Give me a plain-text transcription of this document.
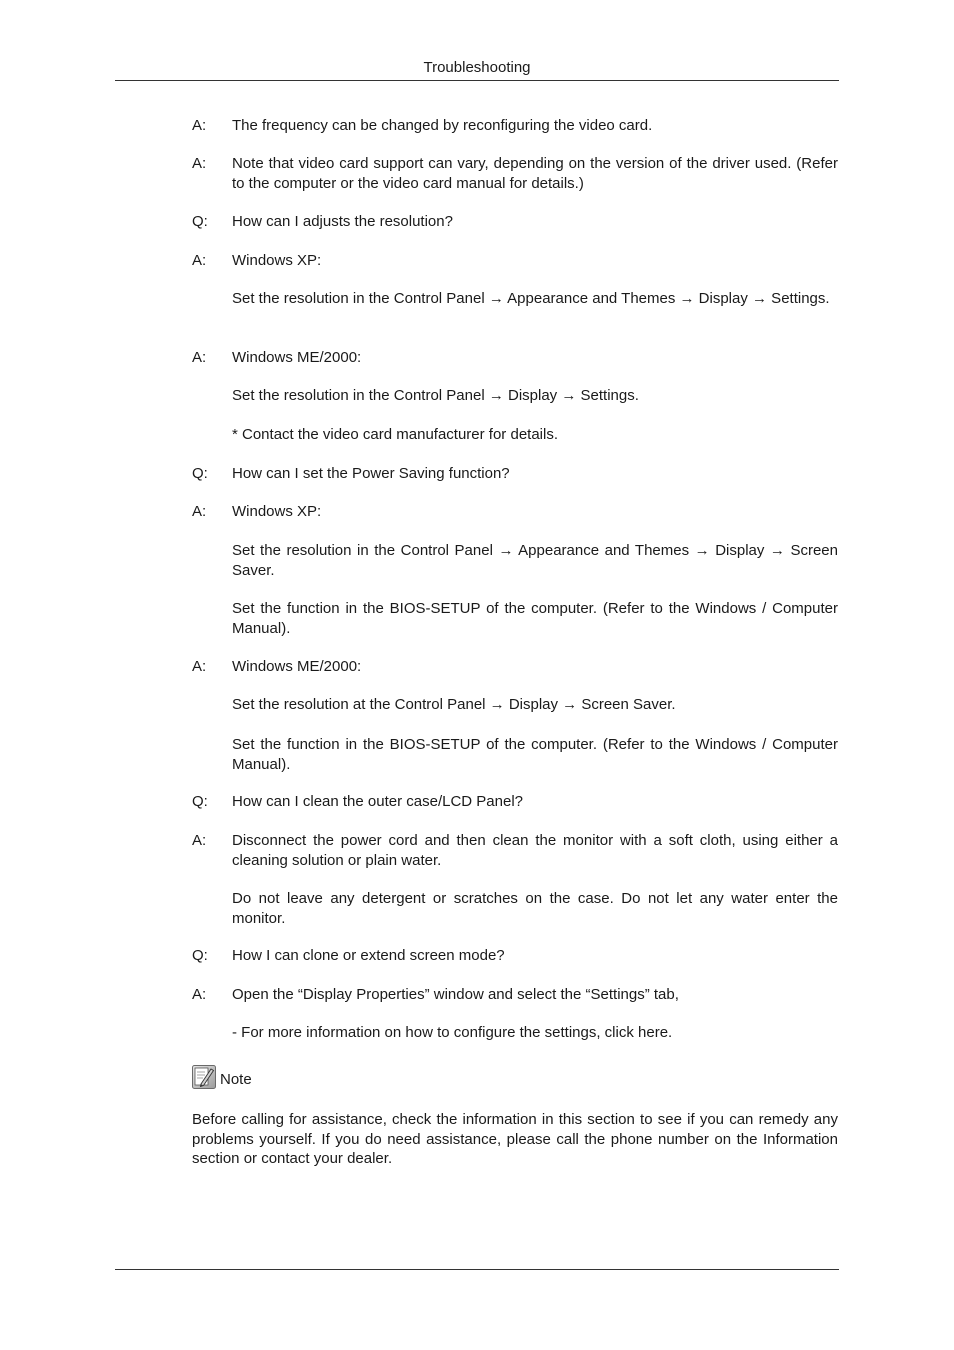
Troubleshooting
A:	The frequency can be changed by reconfiguring the video card.
A:	Note that video card support can vary, depending on the version of the driver used. (Refer to the computer or the video card manual for details.)
Q:	How can I adjusts the resolution?
A:	Windows XP:
Set the resolution in the Control Panel → Appearance and Themes → Display → Settings.
A:	Windows ME/2000:
Set the resolution in the Control Panel → Display → Settings.
* Contact the video card manufacturer for details.
Q:	How can I set the Power Saving function?
A:	Windows XP:
Set the resolution in the Control Panel → Appearance and Themes → Display → Screen Saver.
Set the function in the BIOS-SETUP of the computer. (Refer to the Windows / Computer Manual).
A:	Windows ME/2000:
Set the resolution at the Control Panel → Display → Screen Saver.
Set the function in the BIOS-SETUP of the computer. (Refer to the Windows / Computer Manual).
Q:	How can I clean the outer case/LCD Panel?
A:	Disconnect the power cord and then clean the monitor with a soft cloth, using either a cleaning solution or plain water.
Do not leave any detergent or scratches on the case. Do not let any water enter the monitor.
Q:	How I can clone or extend screen mode?
A:	Open the “Display Properties” window and select the “Settings” tab,
- For more information on how to configure the settings, click here.
Note
Before calling for assistance, check the information in this section to see if you can remedy any problems yourself. If you do need assistance, please call the phone number on the Information section or contact your dealer.
